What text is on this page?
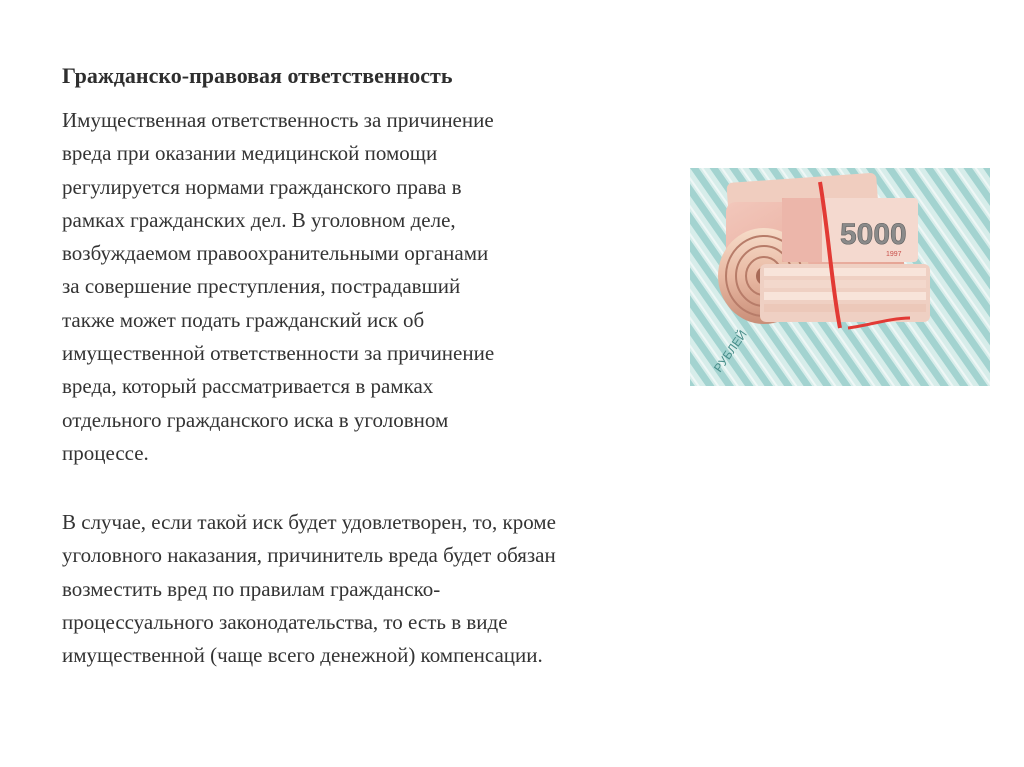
Гражданско-правовая ответственность
Имущественная ответственность за причинение
вреда при оказании медицинской помощи
регулируется нормами гражданского права в
рамках гражданских дел. В уголовном деле,
возбуждаемом правоохранительными органами
за совершение преступления, пострадавший
также может подать гражданский иск об
имущественной ответственности за причинение
вреда, который рассматривается в рамках
отдельного гражданского иска в уголовном
процессе.
В случае, если такой иск будет удовлетворен, то, кроме
уголовного наказания, причинитель вреда будет обязан
возместить вред по правилам гражданско-
процессуального законодательства, то есть в виде
имущественной (чаще всего денежной) компенсации.
5000
1997
РУБЛЕЙ
